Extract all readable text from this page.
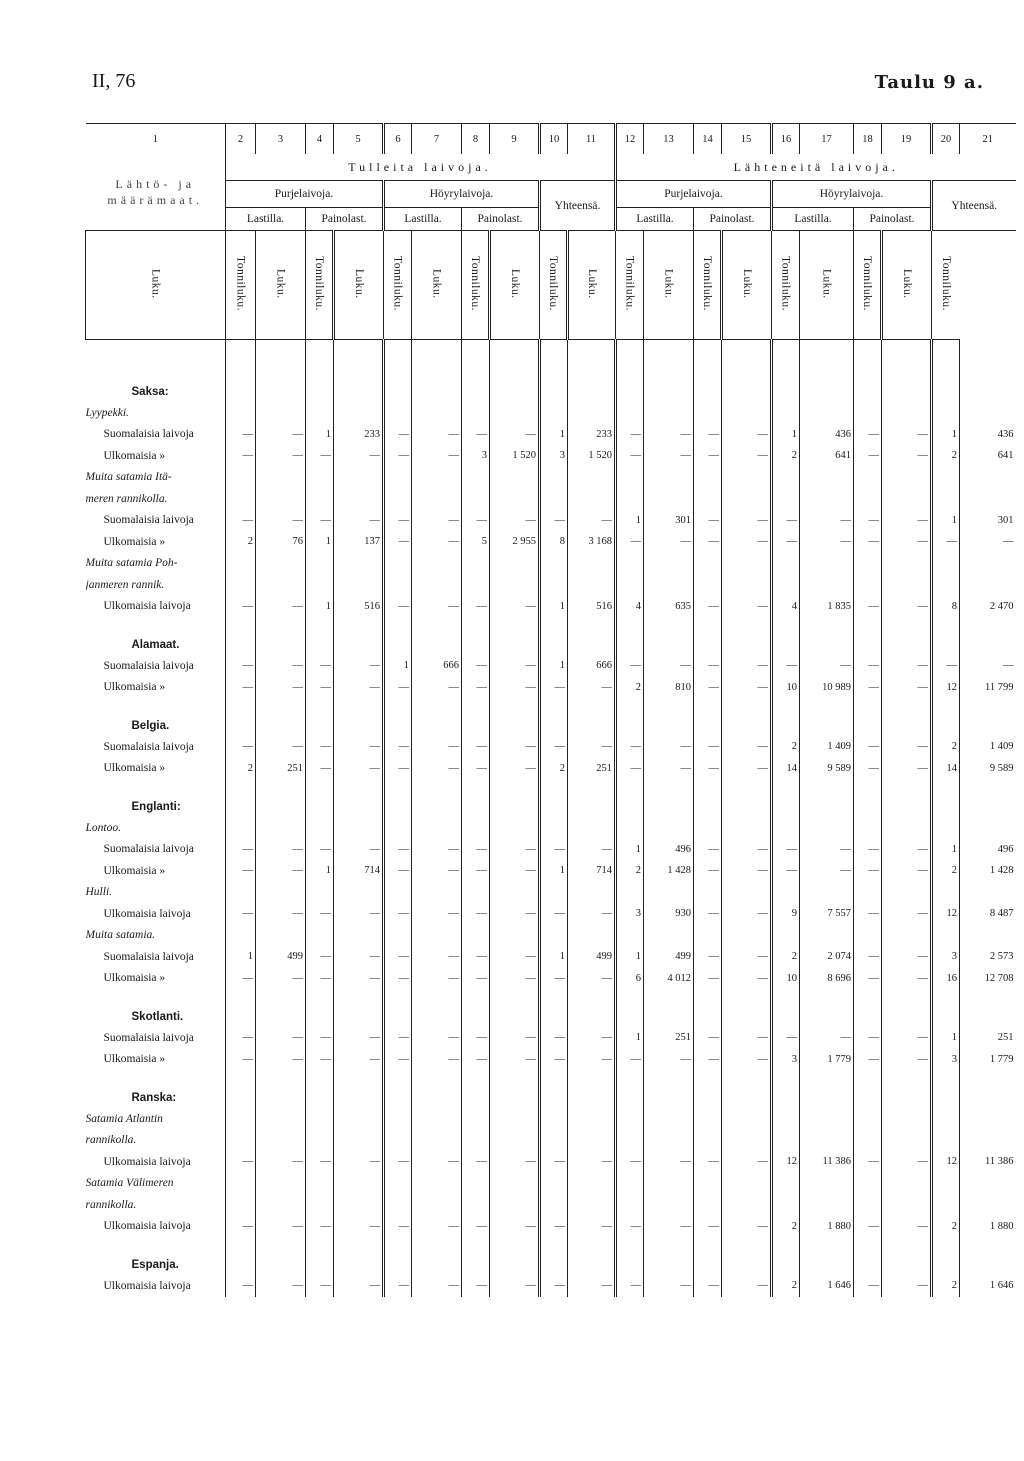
II, 76	Taulu 9 a.
1	2	3	4	5	6	7	8	9	10	11	12	13	14	15	16	17	18	19	20	21
Lähtö- ja määrämaat.	Tulleita laivoja.										Lähteneitä laivoja.									
	Purjelaivoja.				Höyrylaivoja.				Yhteensä.		Purjelaivoja.				Höyrylaivoja.				Yhteensä.	
	Lastilla.		Painolast.		Lastilla.		Painolast.				Lastilla.		Painolast.		Lastilla.		Painolast.			
Luku.	Tonniluku.	Luku.	Tonniluku.	Luku.	Tonniluku.	Luku.	Tonniluku.	Luku.	Tonniluku.	Luku.	Tonniluku.	Luku.	Tonniluku.	Luku.	Tonniluku.	Luku.	Tonniluku.	Luku.	Tonniluku.	

Saksa:																				
Lyypekki.																				
Suomalaisia laivoja	—	—	1	233	—	—	—	—	1	233	—	—	—	—	1	436	—	—	1	436
Ulkomaisia »	—	—	—	—	—	—	3	1 520	3	1 520	—	—	—	—	2	641	—	—	2	641
Muita satamia Itä-																				
meren rannikolla.																				
Suomalaisia laivoja	—	—	—	—	—	—	—	—	—	—	1	301	—	—	—	—	—	—	1	301
Ulkomaisia »	2	76	1	137	—	—	5	2 955	8	3 168	—	—	—	—	—	—	—	—	—	—
Muita satamia Poh-																				
janmeren rannik.																				
Ulkomaisia laivoja	—	—	1	516	—	—	—	—	1	516	4	635	—	—	4	1 835	—	—	8	2 470
Alamaat.																				
Suomalaisia laivoja	—	—	—	—	1	666	—	—	1	666	—	—	—	—	—	—	—	—	—	—
Ulkomaisia »	—	—	—	—	—	—	—	—	—	—	2	810	—	—	10	10 989	—	—	12	11 799
Belgia.																				
Suomalaisia laivoja	—	—	—	—	—	—	—	—	—	—	—	—	—	—	2	1 409	—	—	2	1 409
Ulkomaisia »	2	251	—	—	—	—	—	—	2	251	—	—	—	—	14	9 589	—	—	14	9 589
Englanti:																				
Lontoo.																				
Suomalaisia laivoja	—	—	—	—	—	—	—	—	—	—	1	496	—	—	—	—	—	—	1	496
Ulkomaisia »	—	—	1	714	—	—	—	—	1	714	2	1 428	—	—	—	—	—	—	2	1 428
Hulli.																				
Ulkomaisia laivoja	—	—	—	—	—	—	—	—	—	—	3	930	—	—	9	7 557	—	—	12	8 487
Muita satamia.																				
Suomalaisia laivoja	1	499	—	—	—	—	—	—	1	499	1	499	—	—	2	2 074	—	—	3	2 573
Ulkomaisia »	—	—	—	—	—	—	—	—	—	—	6	4 012	—	—	10	8 696	—	—	16	12 708
Skotlanti.																				
Suomalaisia laivoja	—	—	—	—	—	—	—	—	—	—	1	251	—	—	—	—	—	—	1	251
Ulkomaisia »	—	—	—	—	—	—	—	—	—	—	—	—	—	—	3	1 779	—	—	3	1 779
Ranska:																				
Satamia Atlantin																				
rannikolla.																				
Ulkomaisia laivoja	—	—	—	—	—	—	—	—	—	—	—	—	—	—	12	11 386	—	—	12	11 386
Satamia Välimeren																				
rannikolla.																				
Ulkomaisia laivoja	—	—	—	—	—	—	—	—	—	—	—	—	—	—	2	1 880	—	—	2	1 880
Espanja.																				
Ulkomaisia laivoja	—	—	—	—	—	—	—	—	—	—	—	—	—	—	2	1 646	—	—	2	1 646
